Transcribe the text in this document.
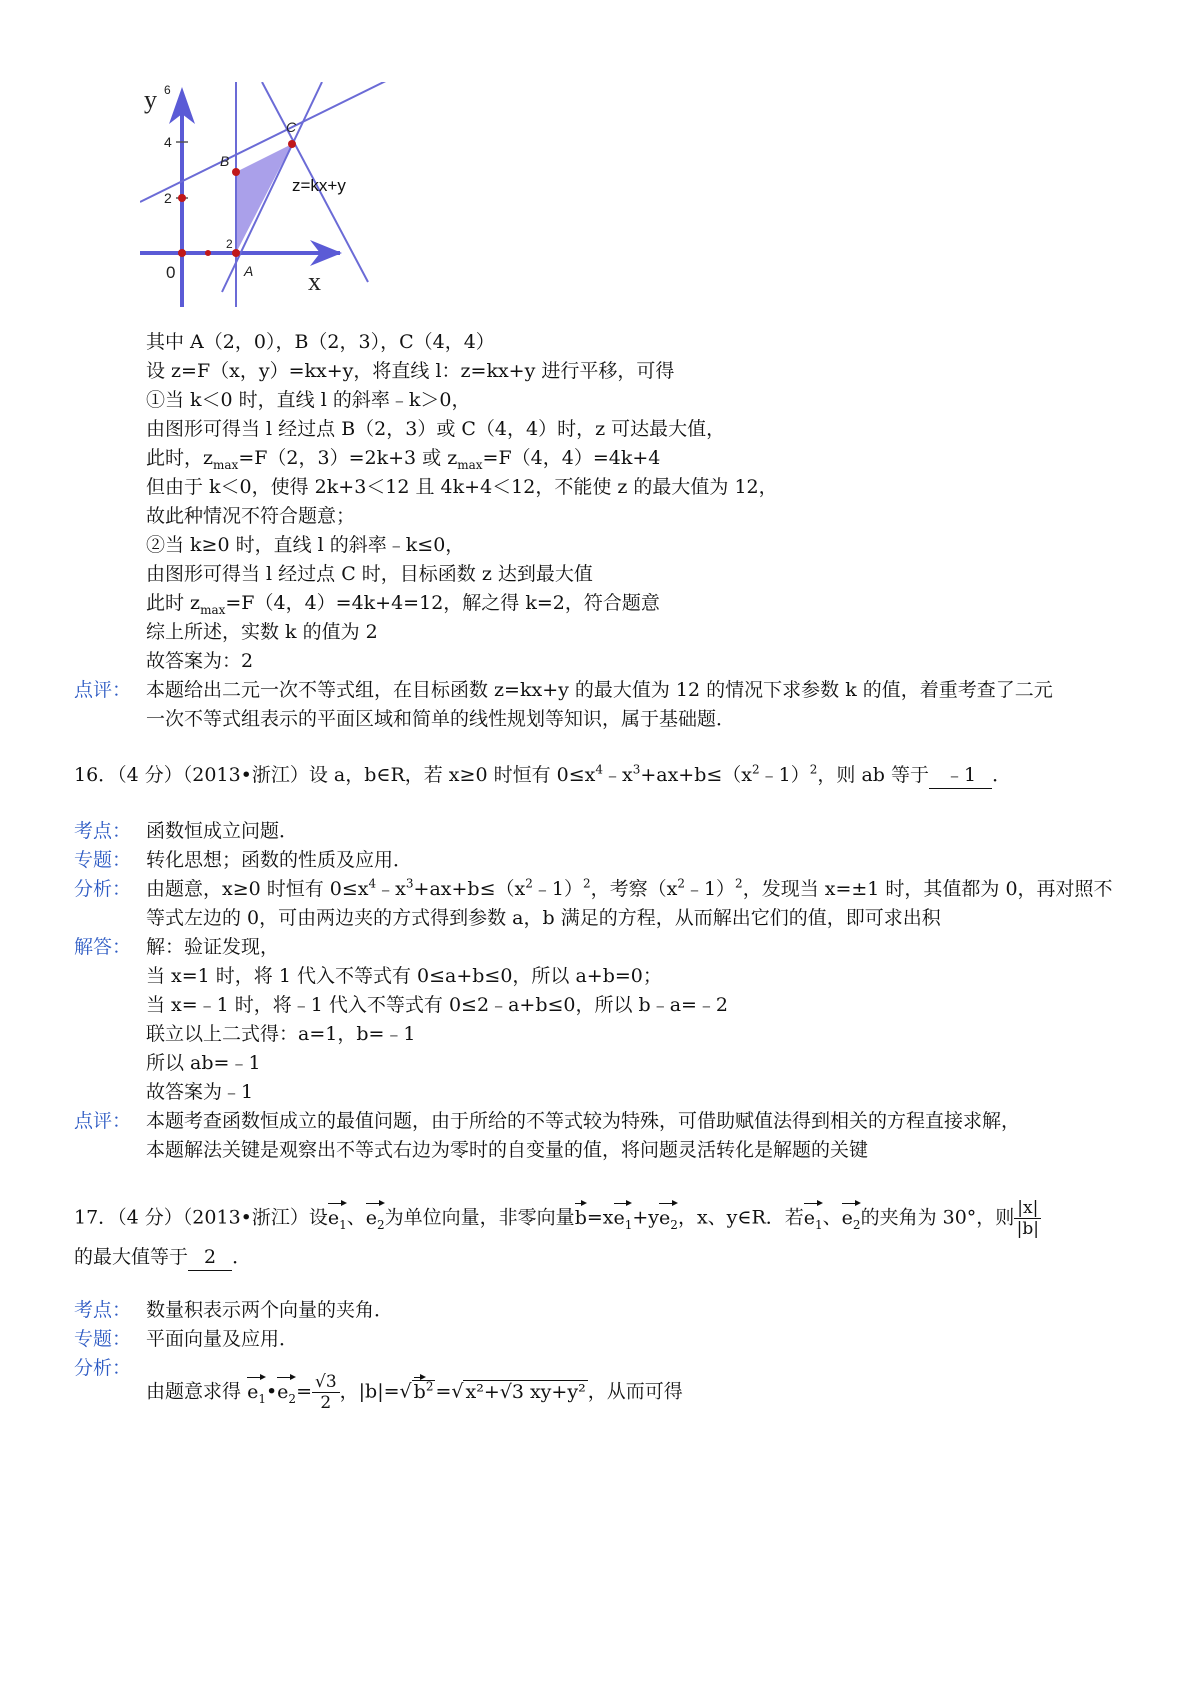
y 6
4
2
0
2
A
B
C
z=kx+y
x
其中 A（2，0），B（2，3），C（4，4）
设 z=F（x，y）=kx+y，将直线 l：z=kx+y 进行平移，可得
①当 k＜0 时，直线 l 的斜率﹣k＞0，
由图形可得当 l 经过点 B（2，3）或 C（4，4）时，z 可达最大值，
此时，$z_{max}=F(2$，3）=2k+3 或 $z_{max}=F(4$，4）=4k+4
但由于 k＜0，使得 2k+3＜12 且 4k+4＜12，不能使 z 的最大值为 12，
故此种情况不符合题意；
②当 k≥0 时，直线 l 的斜率﹣k≤0，
由图形可得当 l 经过点 C 时，目标函数 z 达到最大值
此时 $z_{max}=F(4$，4）=4k+4=12，解之得 k=2，符合题意
综上所述，实数 k 的值为 2
故答案为：2
点评： 本题给出二元一次不等式组，在目标函数 z=kx+y 的最大值为 12 的情况下求参数 k 的值，着重考查了二元
一次不等式组表示的平面区域和简单的线性规划等知识，属于基础题．
16．（4 分）（2013•浙江）设 a，b∈R，若 x≥0 时恒有 $0\le x^4﹣x^3+ax+b\le(x^2﹣1)^2$，则 ab 等于 ﹣1 ．
考点： 函数恒成立问题．
专题： 转化思想；函数的性质及应用．
分析： 由题意，x≥0 时恒有 $0\le x^4﹣x^3+ax+b\le(x^2﹣1)^2$，考察$(x^2﹣1)^2$，发现当 x=±1 时，其值都为 0，再对照不
等式左边的 0，可由两边夹的方式得到参数 a，b 满足的方程，从而解出它们的值，即可求出积
解答： 解：验证发现，
当 x=1 时，将 1 代入不等式有 0≤a+b≤0，所以 a+b=0；
当 x=﹣1 时，将﹣1 代入不等式有 0≤2﹣a+b≤0，所以 b﹣a=﹣2
联立以上二式得：a=1，b=﹣1
所以 ab=﹣1
故答案为﹣1
点评： 本题考查函数恒成立的最值问题，由于所给的不等式较为特殊，可借助赋值法得到相关的方程直接求解，
本题解法关键是观察出不等式右边为零时的自变量的值，将问题灵活转化是解题的关键
17．（4 分）（2013•浙江）设$e_1$、$e_2$为单位向量，非零向量$b=xe_1+ye_2$，x、y∈R．若$e_1$、$e_2$的夹角为 30°，则 $\frac{|x|}{|b|}$
的最大值等于 2 ．
考点： 数量积表示两个向量的夹角．
专题： 平面向量及应用．
分析：
由题意求得 $e_1•e_2= \frac{√3}{2}$ ，|b|=√ $b^2$ =√ x²+√3 xy+y² ，从而可得
